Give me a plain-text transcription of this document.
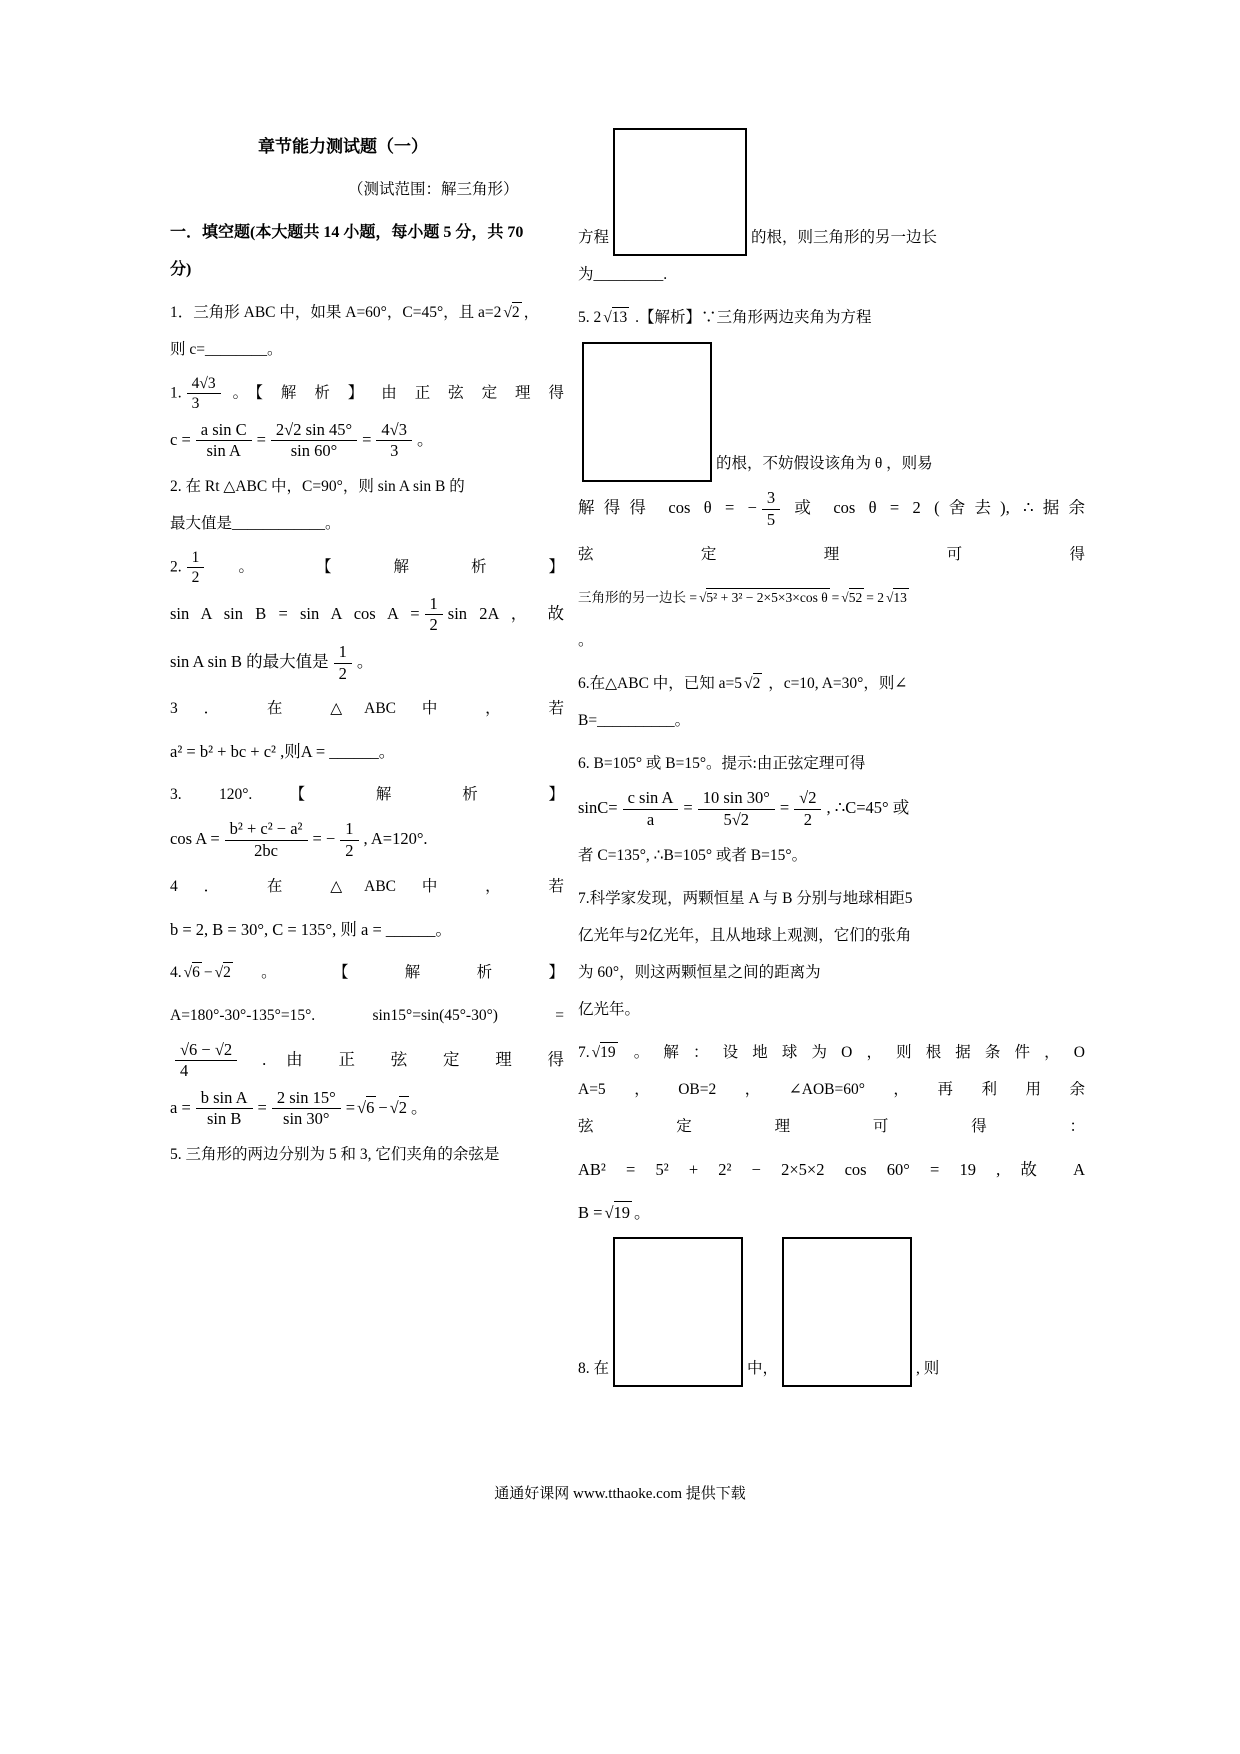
章节能力测试题（一）

（测试范围：解三角形）

一．填空题(本大题共 14 小题，每小题 5 分，共 70
分)

1．三角形 ABC 中，如果 A=60°，C=45°，且 a=2 √2 ，
则 c=________。

1. $\frac{4√3}{3}$ 。【 解 析 】 由 正 弦 定 理 得

$c = \frac{\text{a sin C}}{\text{sin A}} = \frac{2√2 \sin 45^\circ}{\sin 60^\circ} = \frac{4√3}{3}$ 。

2. 在 Rt △ABC 中，C=90°，则 sin A sin B 的
最大值是____________。

2. $\frac{1}{2}$ 。 【 解 析 】

sin A sin B = sin A $\cos A = \frac{1}{2}$ sin 2A ， 故

sin A sin B 的最大值是 $\frac{1}{2}$ 。

3 ． 在 △ABC 中 ， 若

a² = b² + bc + c² ,则A = ______。

3. 120°. 【 解 析 】

$\cos A = \frac{\text{b² + c² − a²}}{2bc}$ = − $\frac{1}{2}$ , A=120°.

4 ． 在 △ABC 中 ， 若

b = 2, B = 30°, C = 135°, 则 a = ______。

4. √6 − √2 。 【 解 析 】

A=180°-30°-135°=15°. sin15°=sin(45°-30°) =

$\frac{√6 - √2}{4}$ . 由 正 弦 定 理 得

$a = \frac{\text{b sin A}}{\text{sin B}} = \frac{2 \sin 15^\circ}{\sin 30^\circ} = √6 - √2$ 。

5. 三角形的两边分别为 5 和 3, 它们夹角的余弦是

方程	的根，则三角形的另一边长
为_________.

5. 2 √13 .【解析】∵三角形两边夹角为方程

的根，不妨假设该角为 θ ，则易

解得得 cos θ = − $\frac{3}{5}$ 或 cos θ = 2 (舍去), ∴据余

弦 定 理 可 得

三角形的另一边长 = √5² + 3² − 2×5×3×cos θ = √52 = 2 √13

。

6.在△ABC 中，已知 a=5 √2 ，c=10, A=30°，则∠
B=__________。

6. B=105° 或 B=15°。提示:由正弦定理可得

$\sin C= \frac{\text{c sin A}}{a} = \frac{10 \sin 30^\circ}{5√2} = \frac{√2}{2}$ , ∴C=45° 或

者 C=135°, ∴B=105° 或者 B=15°。

7.科学家发现，两颗恒星 A 与 B 分别与地球相距5
亿光年与2亿光年，且从地球上观测，它们的张角
为 60°，则这两颗恒星之间的距离为
亿光年。

7. √19 。解：设地球为O，则根据条件，O
A=5，OB=2，∠AOB=60°，再利用余
弦 定 理 可 得 ：

AB² = 5² + 2² − 2×5×2 cos 60° = 19 , 故 A

B = √19 。

8. 在	中，	, 则

通通好课网 www.tthaoke.com 提供下载
